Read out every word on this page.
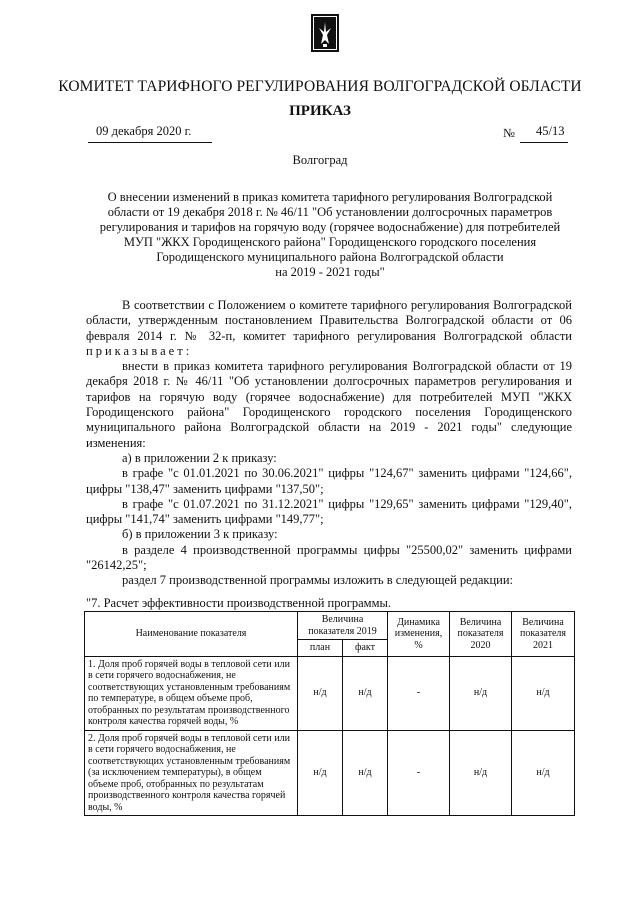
КОМИТЕТ ТАРИФНОГО РЕГУЛИРОВАНИЯ ВОЛГОГРАДСКОЙ ОБЛАСТИ
ПРИКАЗ
09 декабря 2020 г.	№ 45/13
Волгоград
О внесении изменений в приказ комитета тарифного регулирования Волгоградской
области от 19 декабря 2018 г. № 46/11 "Об установлении долгосрочных параметров
регулирования и тарифов на горячую воду (горячее водоснабжение) для потребителей
МУП "ЖКХ Городищенского района" Городищенского городского поселения
Городищенского муниципального района Волгоградской области
на 2019 - 2021 годы"

В соответствии с Положением о комитете тарифного регулирования Волгоградской области, утвержденным постановлением Правительства Волгоградской области от 06 февраля 2014 г. № 32-п, комитет тарифного регулирования Волгоградской области приказывает:

внести в приказ комитета тарифного регулирования Волгоградской области от 19 декабря 2018 г. № 46/11 "Об установлении долгосрочных параметров регулирования и тарифов на горячую воду (горячее водоснабжение) для потребителей МУП "ЖКХ Городищенского района" Городищенского городского поселения Городищенского муниципального района Волгоградской области на 2019 - 2021 годы" следующие изменения:

а) в приложении 2 к приказу:

в графе "с 01.01.2021 по 30.06.2021" цифры "124,67" заменить цифрами "124,66", цифры "138,47" заменить цифрами "137,50";

в графе "с 01.07.2021 по 31.12.2021" цифры "129,65" заменить цифрами "129,40", цифры "141,74" заменить цифрами "149,77";

б) в приложении 3 к приказу:

в разделе 4 производственной программы цифры "25500,02" заменить цифрами "26142,25";

раздел 7 производственной программы изложить в следующей редакции:

"7. Расчет эффективности производственной программы.
Наименование показателя	Величина показателя 2019		Динамика изменения, %	Величина показателя 2020	Величина показателя 2021
	план	факт			
1. Доля проб горячей воды в тепловой сети или в сети горячего водоснабжения, не соответствующих установленным требованиям по температуре, в общем объеме проб, отобранных по результатам производственного контроля качества горячей воды, %	н/д	н/д	-	н/д	н/д
2. Доля проб горячей воды в тепловой сети или в сети горячего водоснабжения, не соответствующих установленным требованиям (за исключением температуры), в общем объеме проб, отобранных по результатам производственного контроля качества горячей воды, %	н/д	н/д	-	н/д	н/д
